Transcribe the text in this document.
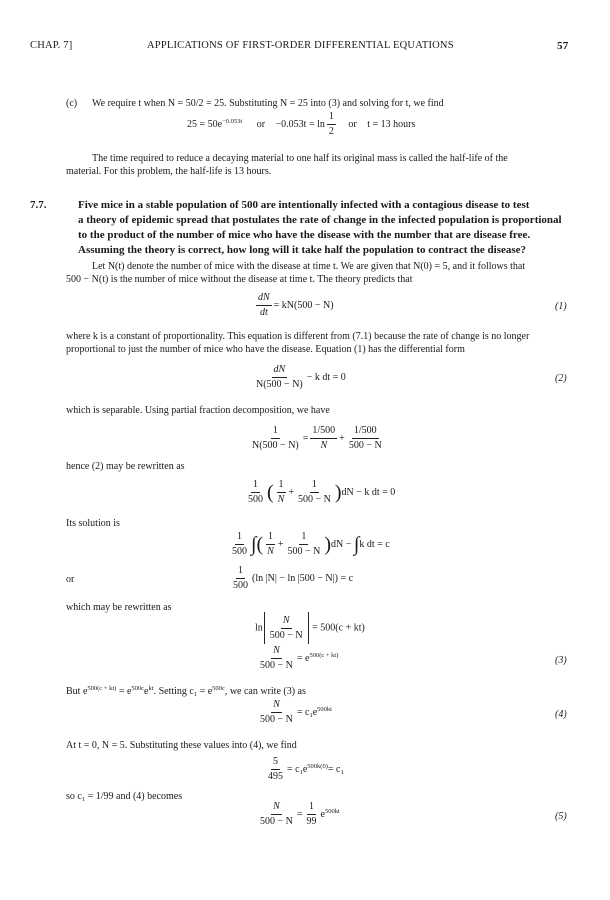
CHAP. 7]	APPLICATIONS OF FIRST-ORDER DIFFERENTIAL EQUATIONS	57
(c) We require t when N = 50/2 = 25. Substituting N = 25 into (3) and solving for t, we find
$25 = 50e^{-0.053t}$ or $-0.053t = \ln \frac{1}{2}$ or t = 13 hours
The time required to reduce a decaying material to one half its original mass is called the half-life of the
material. For this problem, the half-life is 13 hours.
7.7.	Five mice in a stable population of 500 are intentionally infected with a contagious disease to test
a theory of epidemic spread that postulates the rate of change in the infected population is proportional
to the product of the number of mice who have the disease with the number that are disease free.
Assuming the theory is correct, how long will it take half the population to contract the disease?
Let N(t) denote the number of mice with the disease at time t. We are given that N(0) = 5, and it follows that
500 − N(t) is the number of mice without the disease at time t. The theory predicts that
$\frac{dN}{dt} = kN(500 - N)$	(1)
where k is a constant of proportionality. This equation is different from (7.1) because the rate of change is no longer
proportional to just the number of mice who have the disease. Equation (1) has the differential form
$\frac{dN}{N(500 - N)} - k$ dt = 0	(2)
which is separable. Using partial fraction decomposition, we have
$\frac{1}{N(500 - N)} = \frac{1/500}{N} + \frac{1/500}{500 - N}$
hence (2) may be rewritten as
$\frac{1}{500}$ ( $\frac{1}{N} + \frac{1}{500 - N} )dN - k$ dt = 0
Its solution is
$\frac{1}{500}$ ∫( $\frac{1}{N} + \frac{1}{500 - N} )dN - \int k$ dt = c
or	$\frac{1}{500} (\ln$ |N| − ln |500 − N|) = c
which may be rewritten as
$\ln \frac{N}{500 - N} = 500(c + kt)$
$\frac{N}{500 - N} = e^{500(c + kt)}$	(3)
But $e^{500(c + kt)} = e^{500c}e^{kt}$. Setting $c_1 = e^{500c}$, we can write (3) as
$\frac{N}{500 - N} = c_1e^{500kt}$	(4)
At t = 0, N = 5. Substituting these values into (4), we find
$\frac{5}{495} = c_1e^{500k(0)}= c_1$
so $c_1 = 1/99$ and (4) becomes
$\frac{N}{500 - N} = \frac{1}{99} e^{500kt}$	(5)
